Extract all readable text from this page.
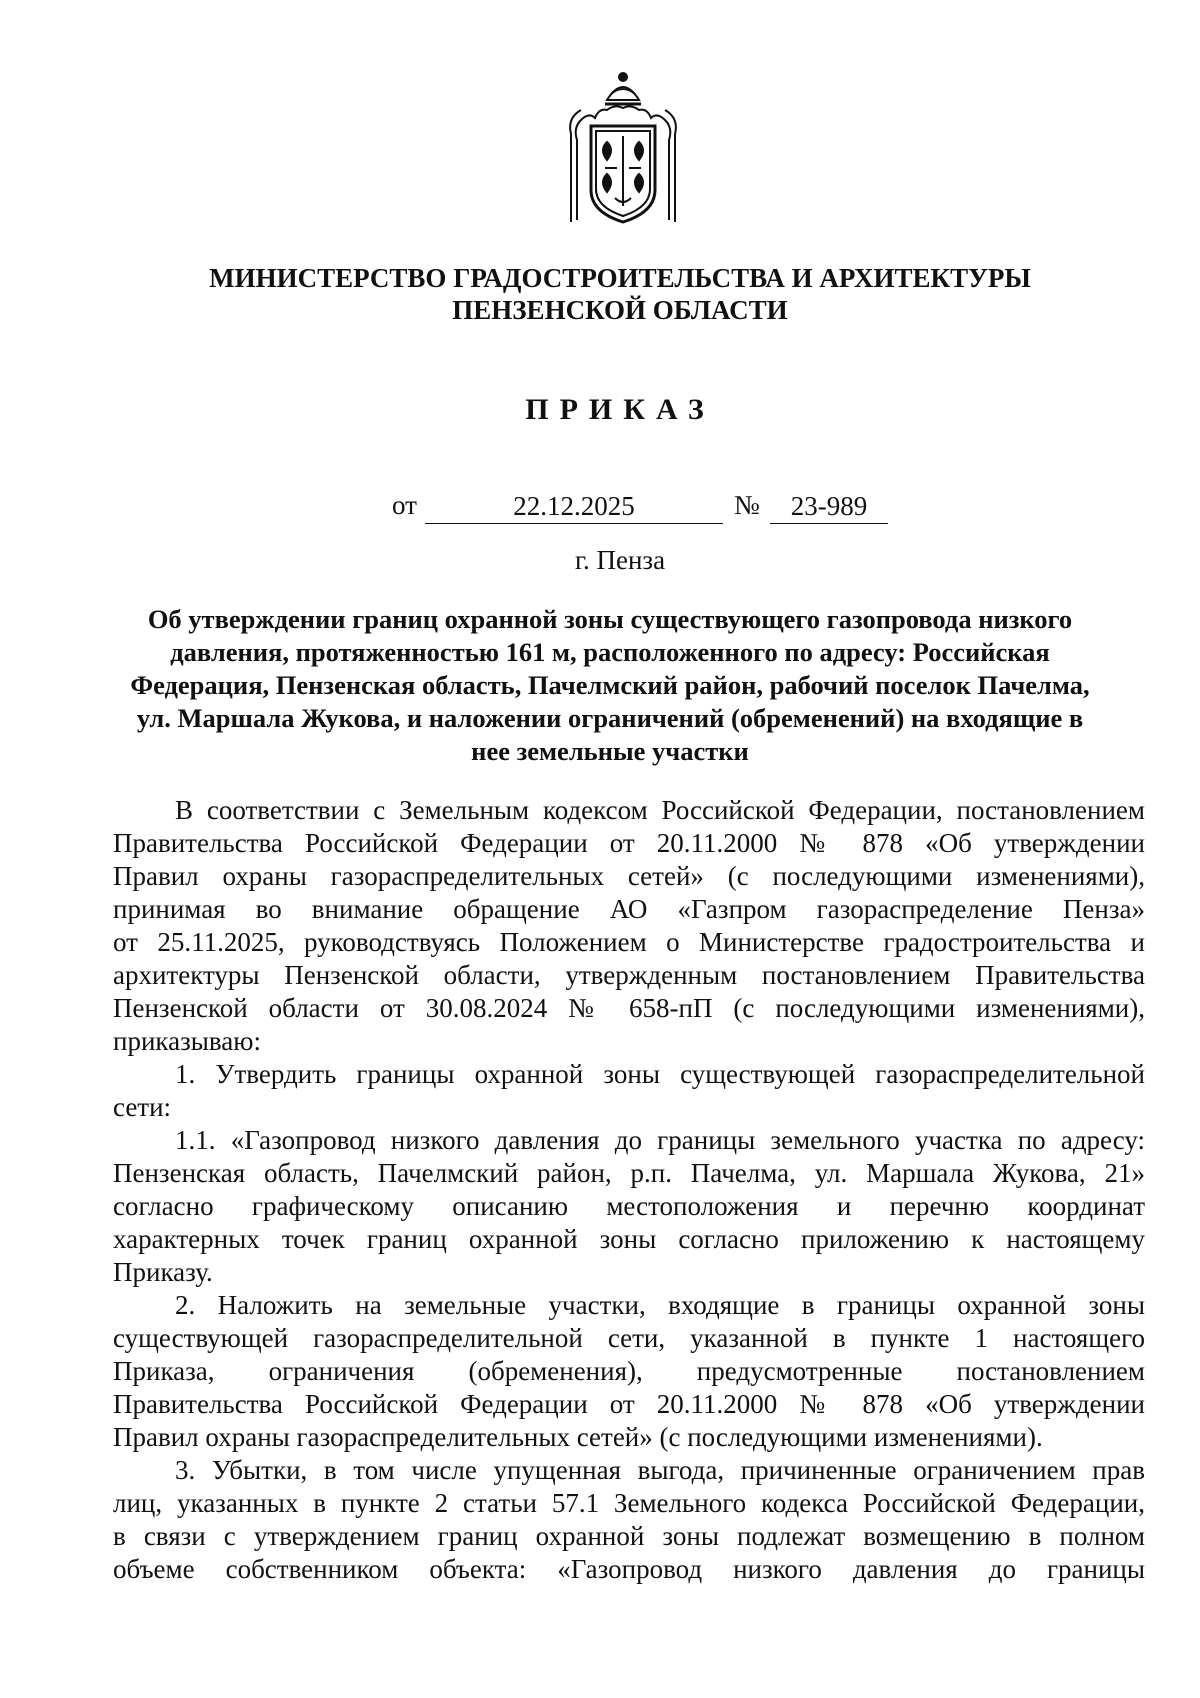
МИНИСТЕРСТВО ГРАДОСТРОИТЕЛЬСТВА И АРХИТЕКТУРЫ
ПЕНЗЕНСКОЙ ОБЛАСТИ
ПРИКАЗ
от	22.12.2025	№	23-989
г. Пенза
Об утверждении границ охранной зоны существующего газопровода низкого
давления, протяженностью 161 м, расположенного по адресу: Российская
Федерация, Пензенская область, Пачелмский район, рабочий поселок Пачелма,
ул. Маршала Жукова, и наложении ограничений (обременений) на входящие в
нее земельные участки
В соответствии с Земельным кодексом Российской Федерации, постановлением
Правительства Российской Федерации от 20.11.2000 № 878 «Об утверждении
Правил охраны газораспределительных сетей» (с последующими изменениями),
принимая во внимание обращение АО «Газпром газораспределение Пенза»
от 25.11.2025, руководствуясь Положением о Министерстве градостроительства и
архитектуры Пензенской области, утвержденным постановлением Правительства
Пензенской области от 30.08.2024 № 658-пП (с последующими изменениями),
приказываю:
1. Утвердить границы охранной зоны существующей газораспределительной
сети:
1.1. «Газопровод низкого давления до границы земельного участка по адресу:
Пензенская область, Пачелмский район, р.п. Пачелма, ул. Маршала Жукова, 21»
согласно графическому описанию местоположения и перечню координат
характерных точек границ охранной зоны согласно приложению к настоящему
Приказу.
2. Наложить на земельные участки, входящие в границы охранной зоны
существующей газораспределительной сети, указанной в пункте 1 настоящего
Приказа, ограничения (обременения), предусмотренные постановлением
Правительства Российской Федерации от 20.11.2000 № 878 «Об утверждении
Правил охраны газораспределительных сетей» (с последующими изменениями).
3. Убытки, в том числе упущенная выгода, причиненные ограничением прав
лиц, указанных в пункте 2 статьи 57.1 Земельного кодекса Российской Федерации,
в связи с утверждением границ охранной зоны подлежат возмещению в полном
объеме собственником объекта: «Газопровод низкого давления до границы
